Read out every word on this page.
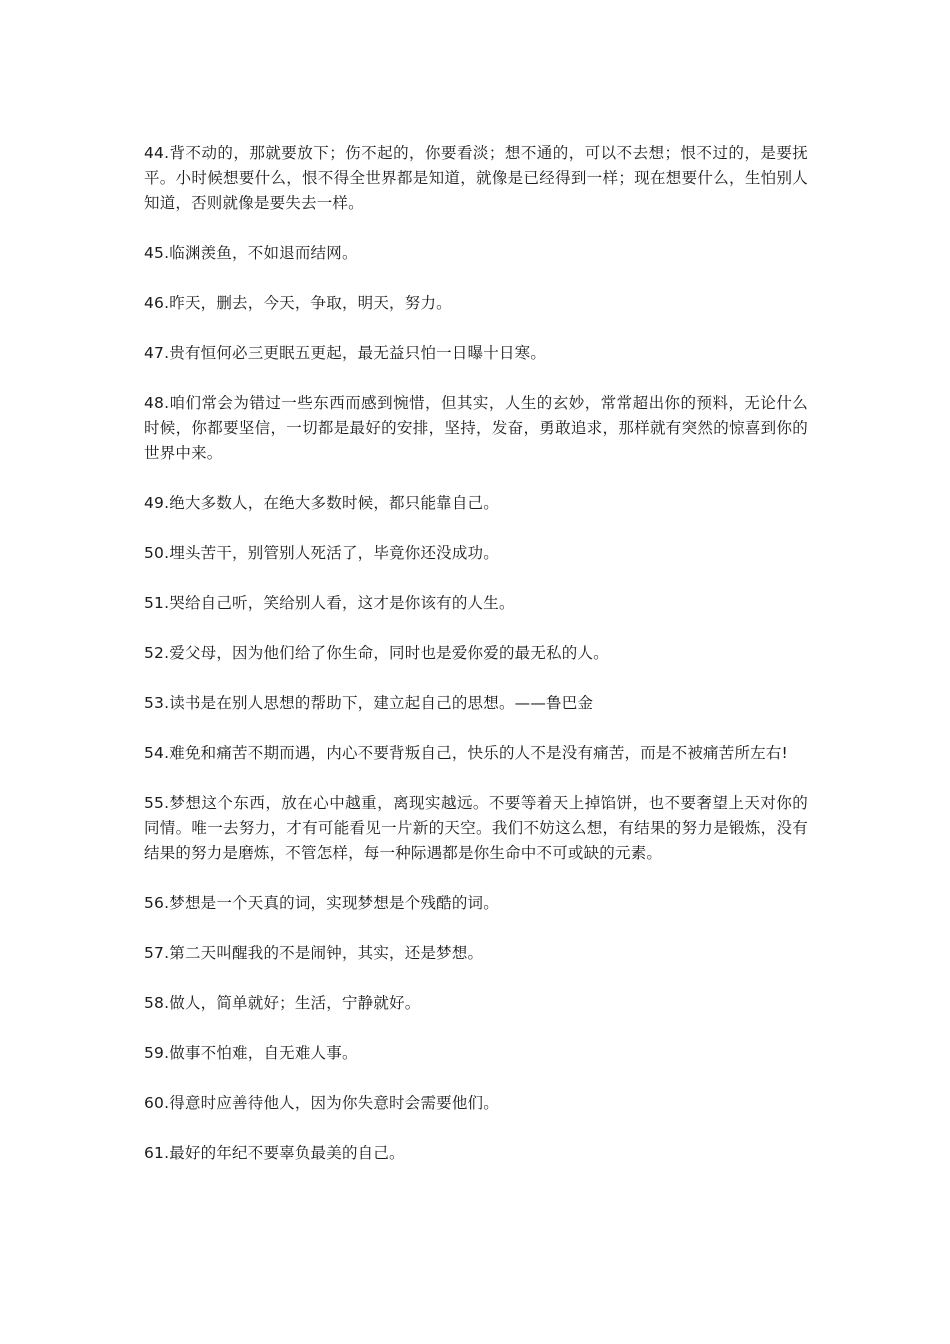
44.背不动的，那就要放下；伤不起的，你要看淡；想不通的，可以不去想；恨不过的，是要抚平。小时候想要什么，恨不得全世界都是知道，就像是已经得到一样；现在想要什么，生怕别人知道，否则就像是要失去一样。

45.临渊羡鱼，不如退而结网。

46.昨天，删去，今天，争取，明天，努力。

47.贵有恒何必三更眠五更起，最无益只怕一日曝十日寒。

48.咱们常会为错过一些东西而感到惋惜，但其实，人生的玄妙，常常超出你的预料，无论什么时候，你都要坚信，一切都是最好的安排，坚持，发奋，勇敢追求，那样就有突然的惊喜到你的世界中来。

49.绝大多数人，在绝大多数时候，都只能靠自己。

50.埋头苦干，别管别人死活了，毕竟你还没成功。

51.哭给自己听，笑给别人看，这才是你该有的人生。

52.爱父母，因为他们给了你生命，同时也是爱你爱的最无私的人。

53.读书是在别人思想的帮助下，建立起自己的思想。——鲁巴金

54.难免和痛苦不期而遇，内心不要背叛自己，快乐的人不是没有痛苦，而是不被痛苦所左右!

55.梦想这个东西，放在心中越重，离现实越远。不要等着天上掉馅饼，也不要奢望上天对你的同情。唯一去努力，才有可能看见一片新的天空。我们不妨这么想，有结果的努力是锻炼，没有结果的努力是磨炼，不管怎样，每一种际遇都是你生命中不可或缺的元素。

56.梦想是一个天真的词，实现梦想是个残酷的词。

57.第二天叫醒我的不是闹钟，其实，还是梦想。

58.做人，简单就好；生活，宁静就好。

59.做事不怕难，自无难人事。

60.得意时应善待他人，因为你失意时会需要他们。

61.最好的年纪不要辜负最美的自己。
